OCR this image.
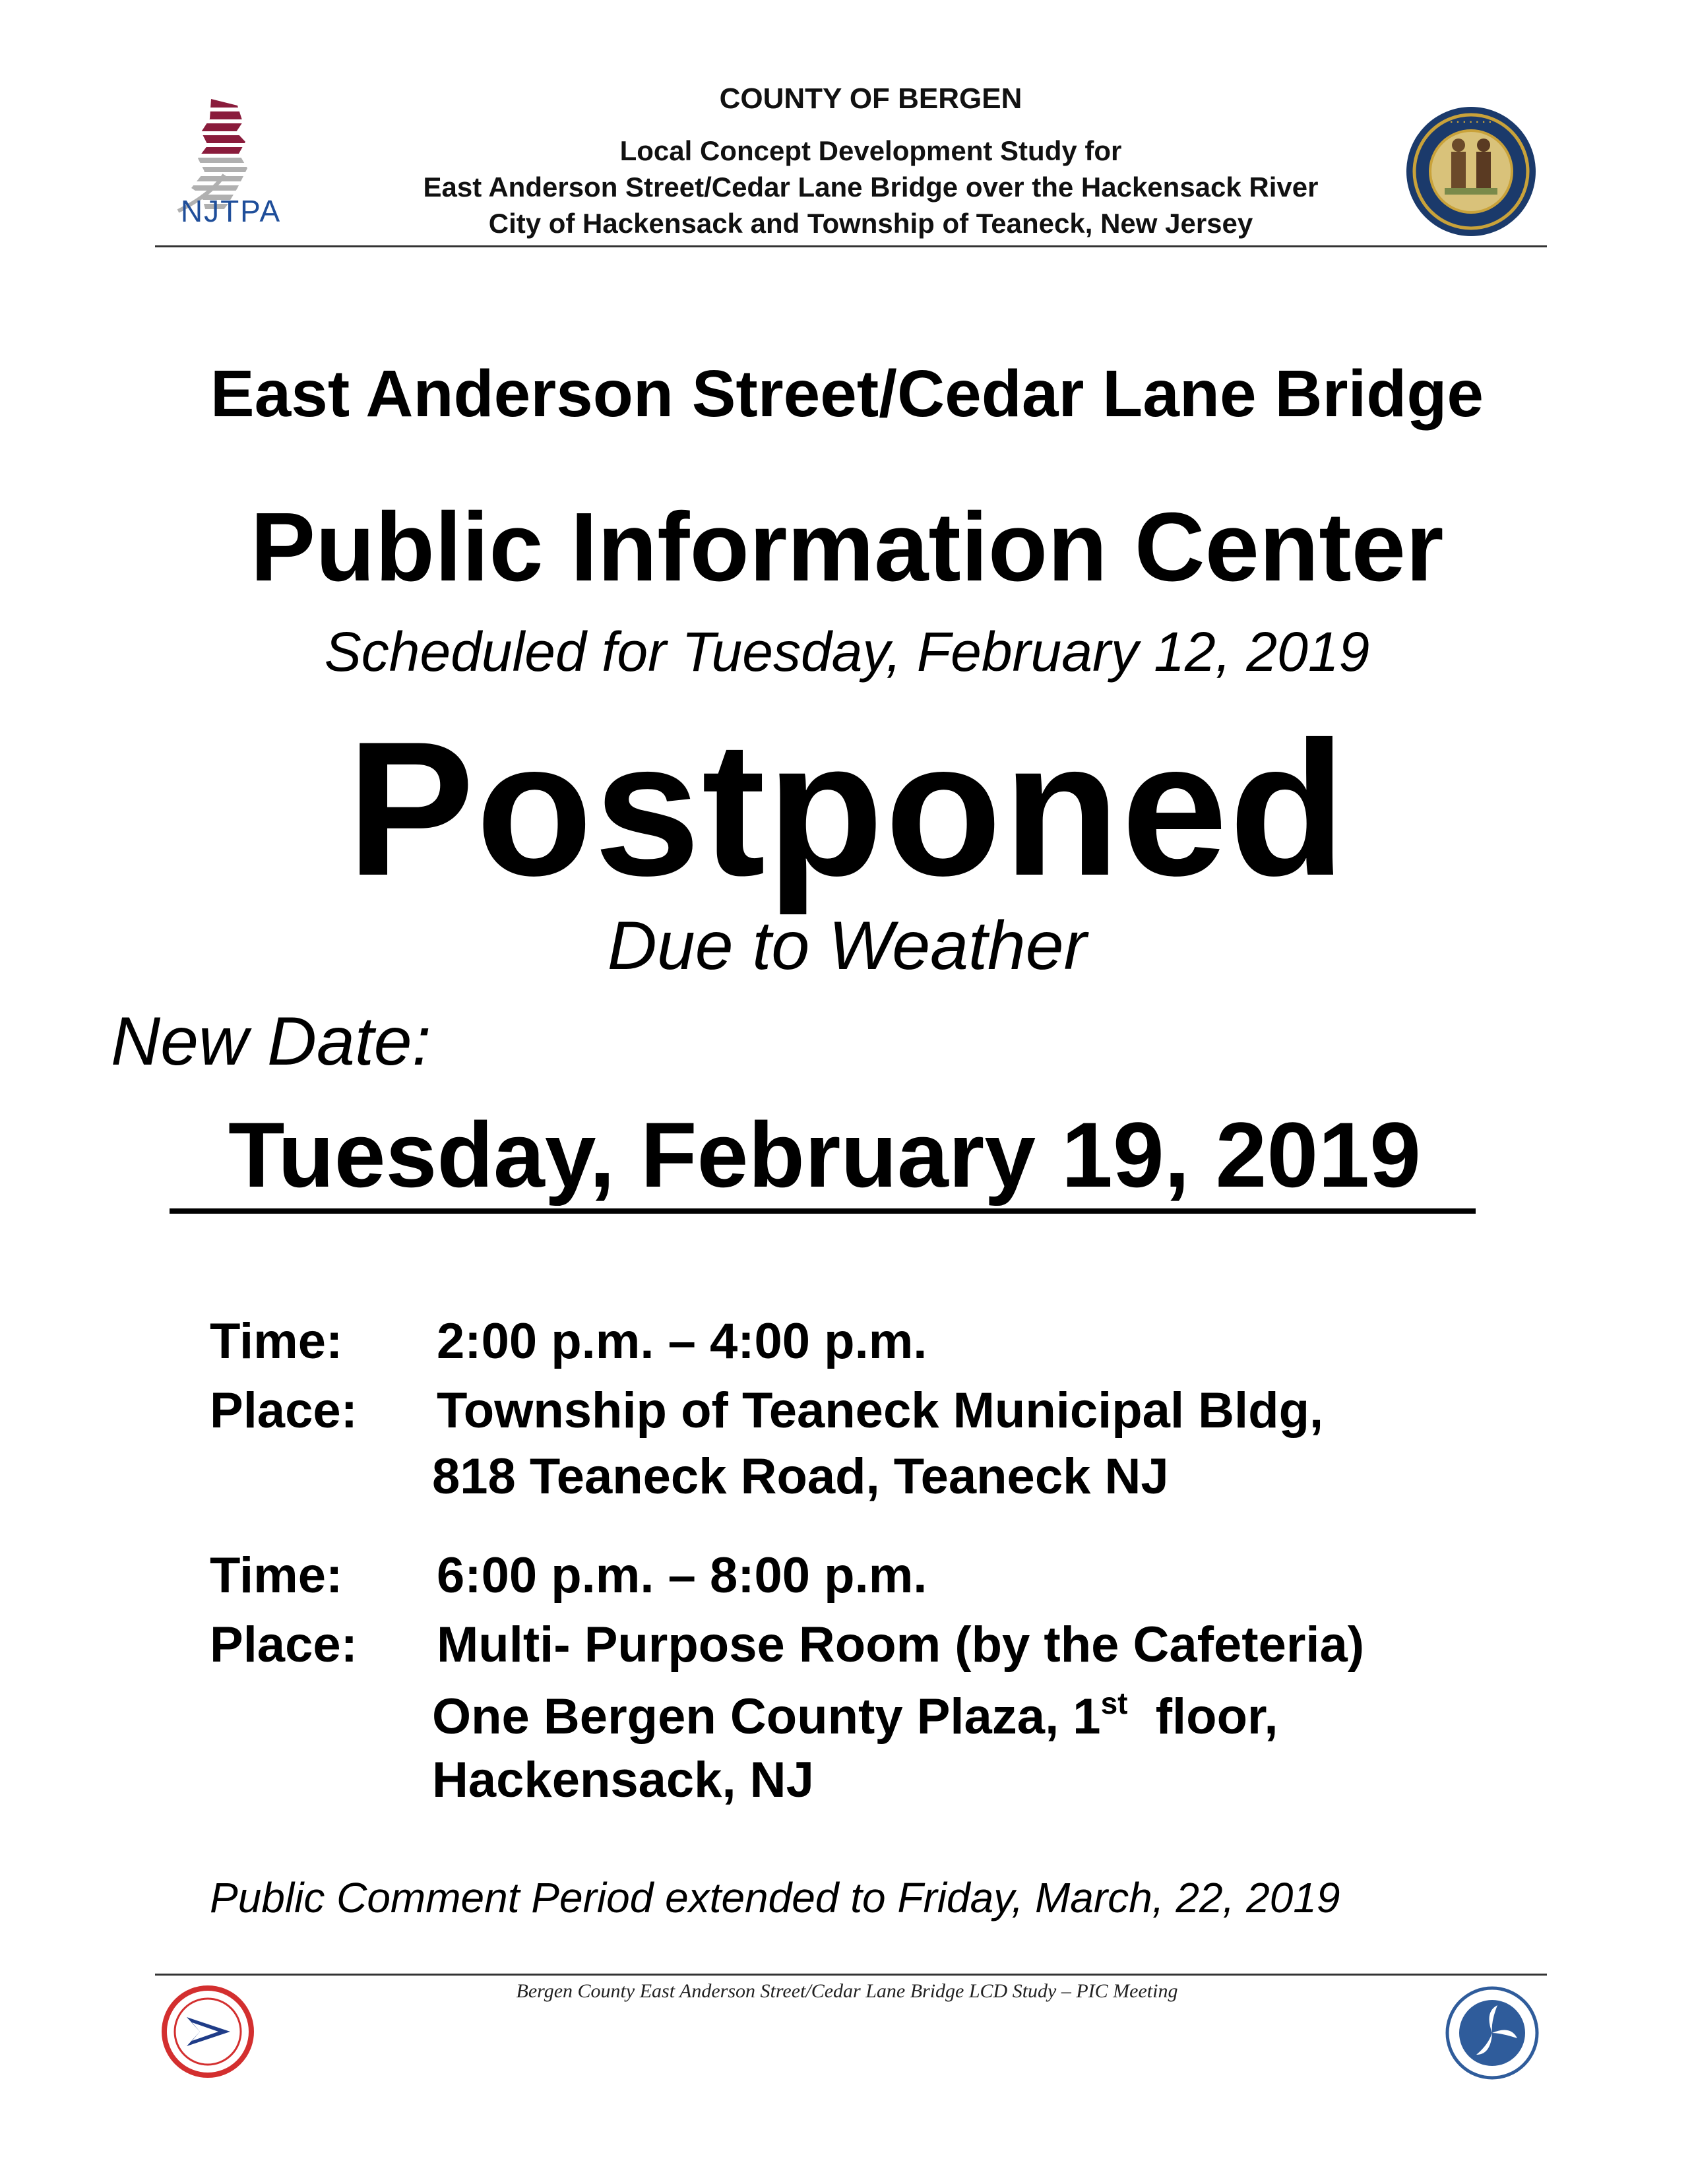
NJTPA
COUNTY OF BERGEN
Local Concept Development Study for
East Anderson Street/Cedar Lane Bridge over the Hackensack River
City of Hackensack and Township of Teaneck, New Jersey
· · · · · · ·
East Anderson Street/Cedar Lane Bridge
Public Information Center
Scheduled for Tuesday, February 12, 2019
Postponed
Due to Weather
New Date:
Tuesday, February 19, 2019
Time: 2:00 p.m. – 4:00 p.m.
Place: Township of Teaneck Municipal Bldg,
818 Teaneck Road, Teaneck NJ
Time: 6:00 p.m. – 8:00 p.m.
Place: Multi- Purpose Room (by the Cafeteria)
One Bergen County Plaza, 1st  floor,
Hackensack, NJ
Public Comment Period extended to Friday, March, 22, 2019
Bergen County East Anderson Street/Cedar Lane Bridge LCD Study – PIC Meeting
